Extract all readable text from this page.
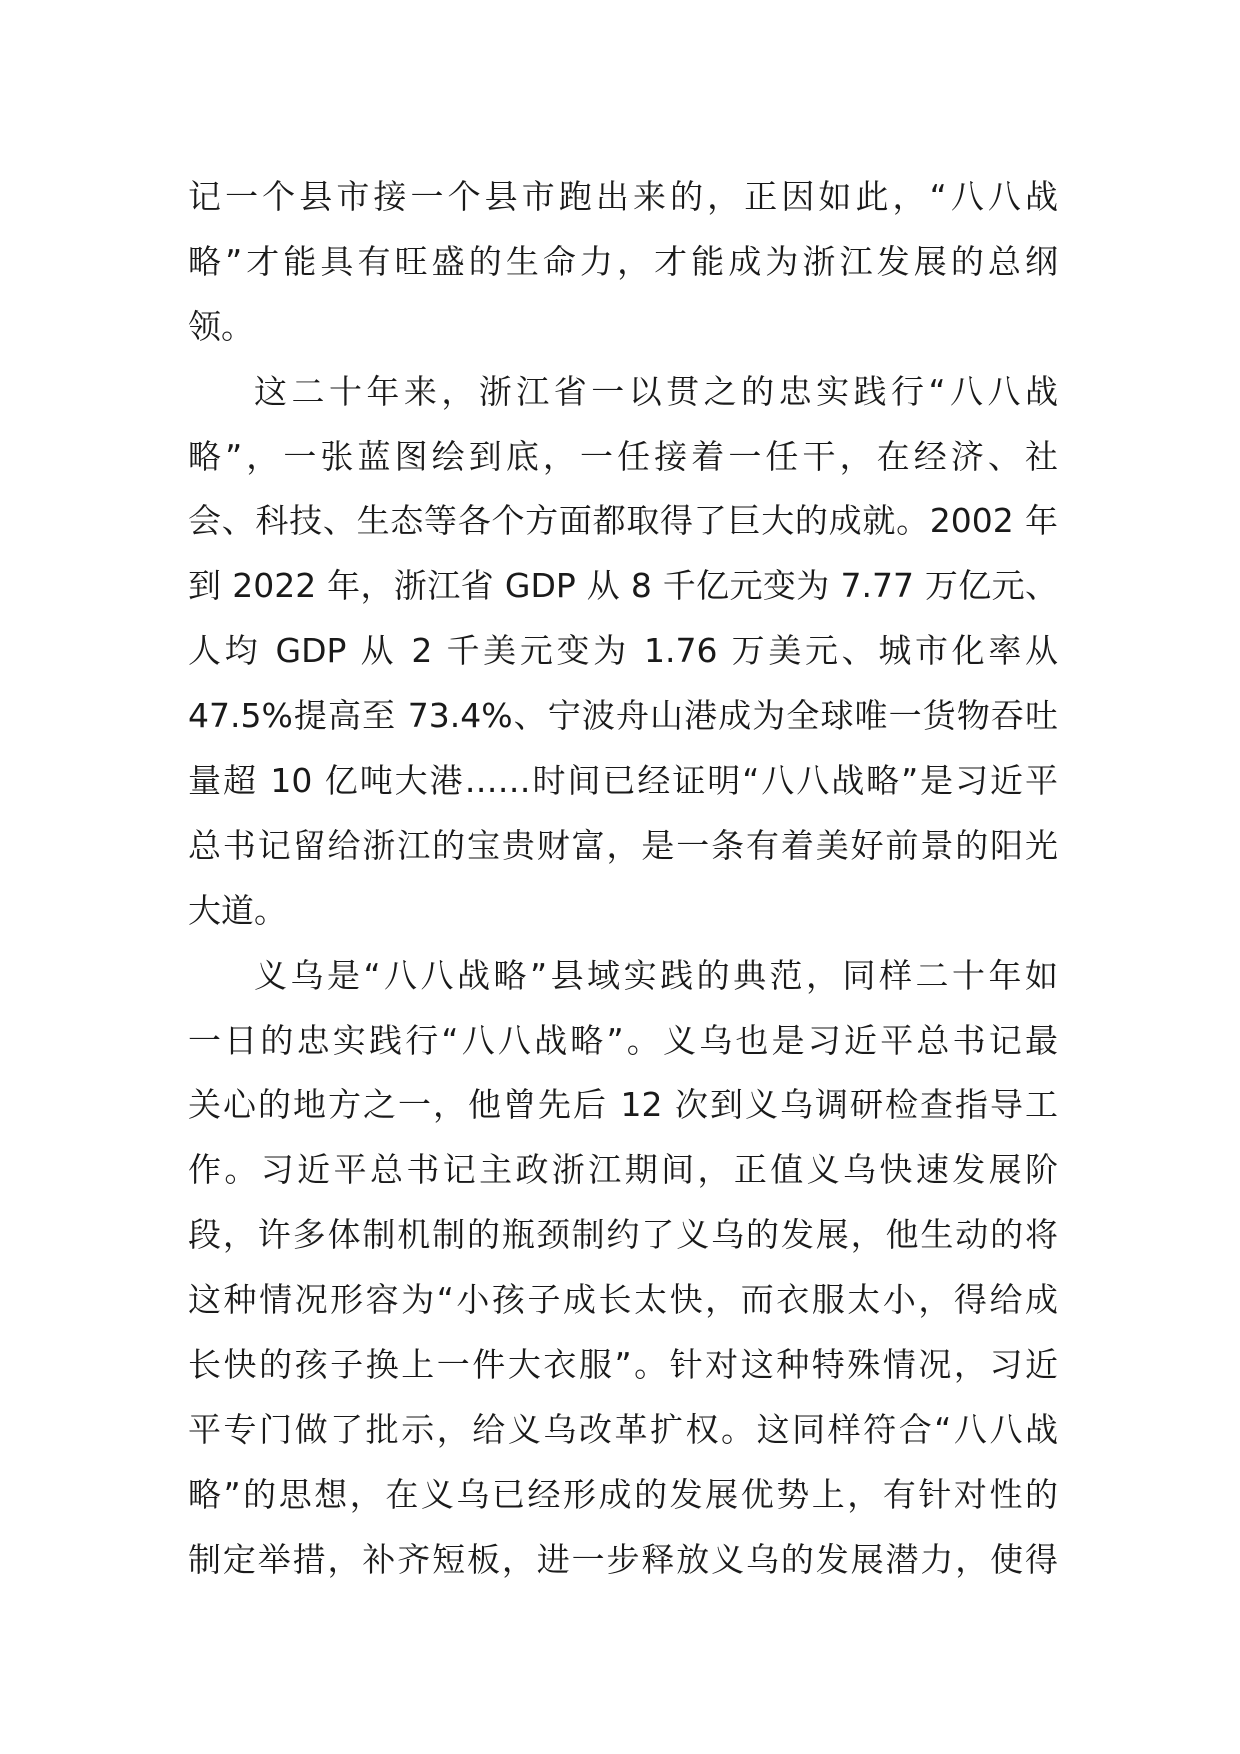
记一个县市接一个县市跑出来的，正因如此，“八八战
略”才能具有旺盛的生命力，才能成为浙江发展的总纲
领。
这二十年来，浙江省一以贯之的忠实践行“八八战
略”，一张蓝图绘到底，一任接着一任干，在经济、社
会、科技、生态等各个方面都取得了巨大的成就。2002 年
到 2022 年，浙江省 GDP 从 8 千亿元变为 7.77 万亿元、
人均 GDP 从 2 千美元变为 1.76 万美元、城市化率从
47.5%提高至 73.4%、宁波舟山港成为全球唯一货物吞吐
量超 10 亿吨大港……时间已经证明“八八战略”是习近平
总书记留给浙江的宝贵财富，是一条有着美好前景的阳光
大道。
义乌是“八八战略”县域实践的典范，同样二十年如
一日的忠实践行“八八战略”。义乌也是习近平总书记最
关心的地方之一，他曾先后 12 次到义乌调研检查指导工
作。习近平总书记主政浙江期间，正值义乌快速发展阶
段，许多体制机制的瓶颈制约了义乌的发展，他生动的将
这种情况形容为“小孩子成长太快，而衣服太小，得给成
长快的孩子换上一件大衣服”。针对这种特殊情况，习近
平专门做了批示，给义乌改革扩权。这同样符合“八八战
略”的思想，在义乌已经形成的发展优势上，有针对性的
制定举措，补齐短板，进一步释放义乌的发展潜力，使得
